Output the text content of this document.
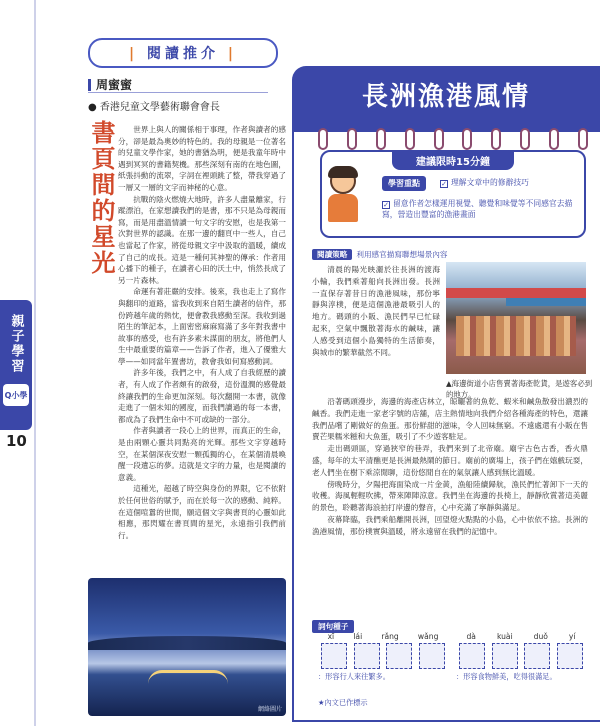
親子學習
Q小學
10
| 閱讀推介 |
周蜜蜜
● 香港兒童文學藝術聯會會長
書頁間的星光	世界上與人的關係相于事理，作者與讀者的感分，卻是最為奧妙的特色的。我的母親是一位著名的兒童文學作家，她的書猶為明，便是我童年時中遇到冥冥的書籍契機。那些深刻有南的在地色圖，紙張抖動的流翠，字詞在裡頭跳了整，帶我穿過了一層又一層的文字而神秘的心意。

抗戰的陰火燃燒大地時，許多人盡量離家，行蹤漂泊，在家想讀我們的是書，那不只是為母親而寫，而是用盡溫情讀一句文字的安慰，也是我第一次對世界的認識。在那一邊的翻頁中一些人，自己也當起了作家，將從母親文字中汲取的溫暖，續成了自己的成長。這是一種何其神聖的傳承：作者用心播下的種子，在讀者心田的沃土中，悄然長成了另一片森林。

命運有著莊嚴的安排。後來，我也走上了寫作與翻印的道路，當我收到來自陌生讀者的信件，那份跨越年歲的熱忱，便會教我感動至深。我收到過陌生的筆記本，上面密密麻麻寫滿了多年對我書中故事的感受，也有許多素未謀面的朋友，將他們人生中最重要的篇章——告訴了作者，進入了優雅大學——如同當年置書坊，教會我如何寫感動詞。

許多年後，我們之中，有人成了自我經歷的讀者，有人成了作者頗有的啟發，這份溫潤的感覺最終讓我們的生命更加深刻。每次翻開一本書，就像走進了一個未知的國度，而我們讀過的每一本書，都成為了我們生命中不可或缺的一部分。

作者與讀者一段心上的世界，而真正的生命，是由兩顆心靈共同點亮的光輝。那些文字穿越時空，在某個深夜安慰一顆孤獨的心，在某個清晨喚醒一段遺忘的夢。這就是文字的力量，也是閱讀的意義。

這種光，超越了時空與身份的界限，它不依附於任何世俗的賦予，而在於每一次的感動、純粹。在這個喧囂的世間，願這個文字與書頁的心靈如此相應，那閃耀在書頁間的星光，永遠指引我們前行。

網絡圖片
長洲漁港風情
建議限時15分鐘
學習重點	✓ 理解文章中的修辭技巧
✓ 留意作者怎樣運用視覺、聽覺和味覺等不同感官去描寫，營造出豐富的漁港畫面
閱讀策略 利用感官描寫聯想場景內容

清晨的陽光映灑於往長洲的渡海小輪，我們乘著船向長洲出發。長洲一直保存著昔日的漁港風味，那份寧靜與淳樸，便是這個漁港最吸引人的地方。碼頭的小販、漁民們早已忙碌起來，空氣中飄散著海水的鹹味，讓人感受到這個小島獨特的生活節奏，與城市的繁華截然不同。

▲海邊街道小店售賣著海產乾貨，是遊客必到的地方。

沿著碼頭漫步，海邊的海產店林立，晾曬著的魚乾、蝦米和鹹魚散發出濃烈的鹹香。我們走進一家老字號的店舖，店主熱情地向我們介紹各種海產的特色，還讓我們品嚐了剛做好的魚蛋。那份鮮甜的滋味，令人回味無窮。不遠處還有小販在售賣芒果糯米糍和大魚蛋，吸引了不少遊客駐足。

走出碼頭區，穿過狹窄的巷弄，我們來到了北帝廟。廟宇古色古香，香火鼎盛，每年的太平清醮更是長洲最熱鬧的節日。廟前的廣場上，孩子們在嬉戲玩耍，老人們坐在樹下乘涼閒聊，這份悠閒自在的氣氛讓人感到無比溫暖。

傍晚時分，夕陽把海面染成一片金黃，漁船陸續歸航，漁民們忙著卸下一天的收穫。海風輕輕吹拂，帶來陣陣涼意。我們坐在海邊的長椅上，靜靜欣賞著這美麗的景色，聆聽著海浪拍打岸邊的聲音，心中充滿了寧靜與滿足。

夜幕降臨，我們乘船離開長洲，回望燈火點點的小島，心中依依不捨。長洲的漁港風情，那份樸實與溫暖，將永遠留在我們的記憶中。

詞句種子
xī	lái	rǎng	wǎng
：形容行人來往繁多。
dà	kuài	duǒ	yí
：形容食物鮮美，吃得很滿足。
★內文已作標示
